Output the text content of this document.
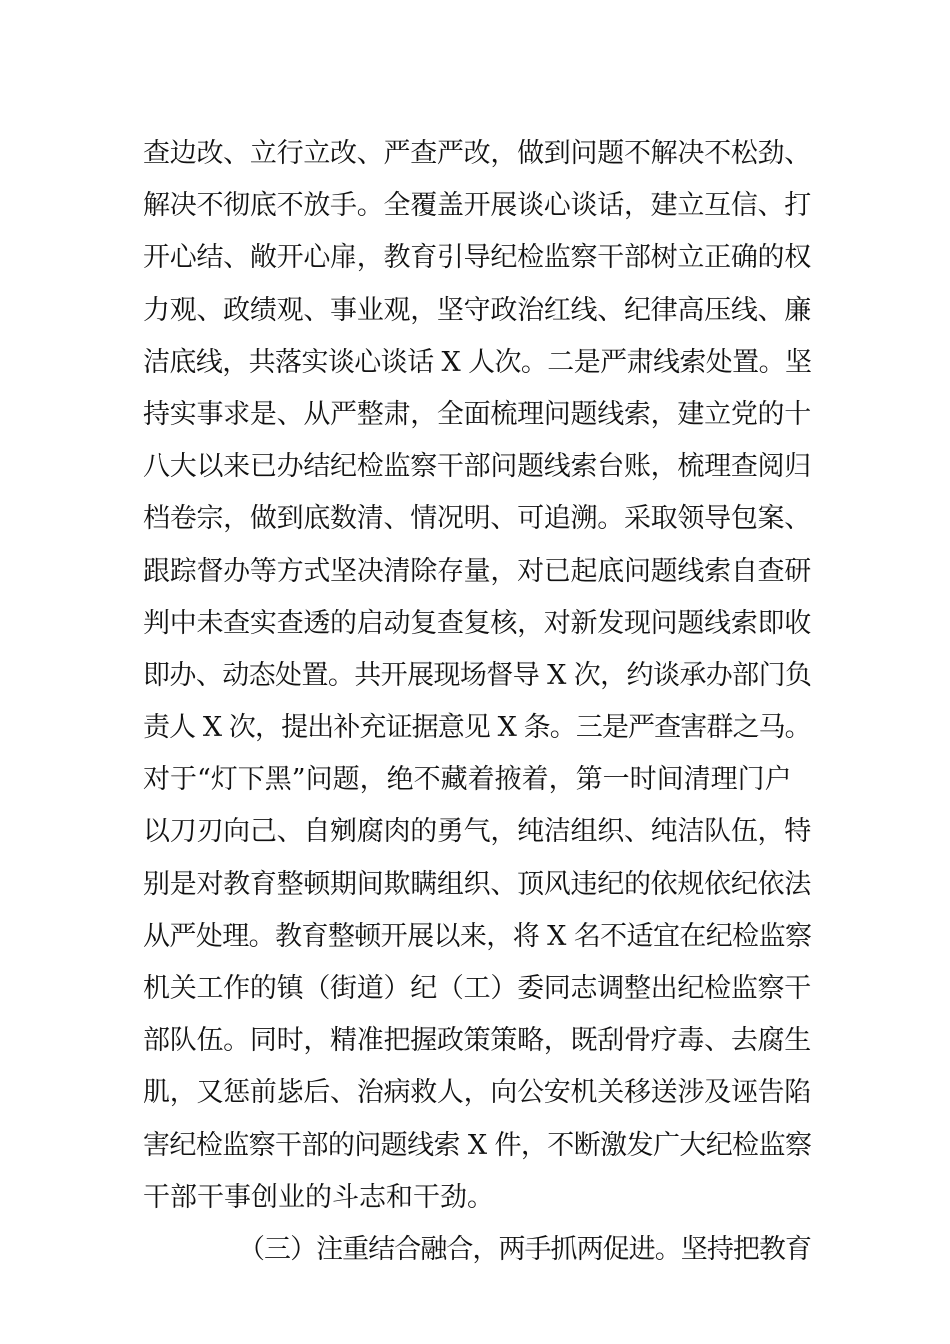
查边改、立行立改、严查严改，做到问题不解决不松劲、
解决不彻底不放手。全覆盖开展谈心谈话，建立互信、打
开心结、敞开心扉，教育引导纪检监察干部树立正确的权
力观、政绩观、事业观，坚守政治红线、纪律高压线、廉
洁底线，共落实谈心谈话 X 人次。二是严肃线索处置。坚
持实事求是、从严整肃，全面梳理问题线索，建立党的十
八大以来已办结纪检监察干部问题线索台账，梳理查阅归
档卷宗，做到底数清、情况明、可追溯。采取领导包案、
跟踪督办等方式坚决清除存量，对已起底问题线索自查研
判中未查实查透的启动复查复核，对新发现问题线索即收
即办、动态处置。共开展现场督导 X 次，约谈承办部门负
责人 X 次，提出补充证据意见 X 条。三是严查害群之马。
对于“灯下黑”问题，绝不藏着掖着，第一时间清理门户
以刀刃向己、自剜腐肉的勇气，纯洁组织、纯洁队伍，特
别是对教育整顿期间欺瞒组织、顶风违纪的依规依纪依法
从严处理。教育整顿开展以来，将 X 名不适宜在纪检监察
机关工作的镇（街道）纪（工）委同志调整出纪检监察干
部队伍。同时，精准把握政策策略，既刮骨疗毒、去腐生
肌，又惩前毖后、治病救人，向公安机关移送涉及诬告陷
害纪检监察干部的问题线索 X 件，不断激发广大纪检监察
干部干事创业的斗志和干劲。
（三）注重结合融合，两手抓两促进。坚持把教育
